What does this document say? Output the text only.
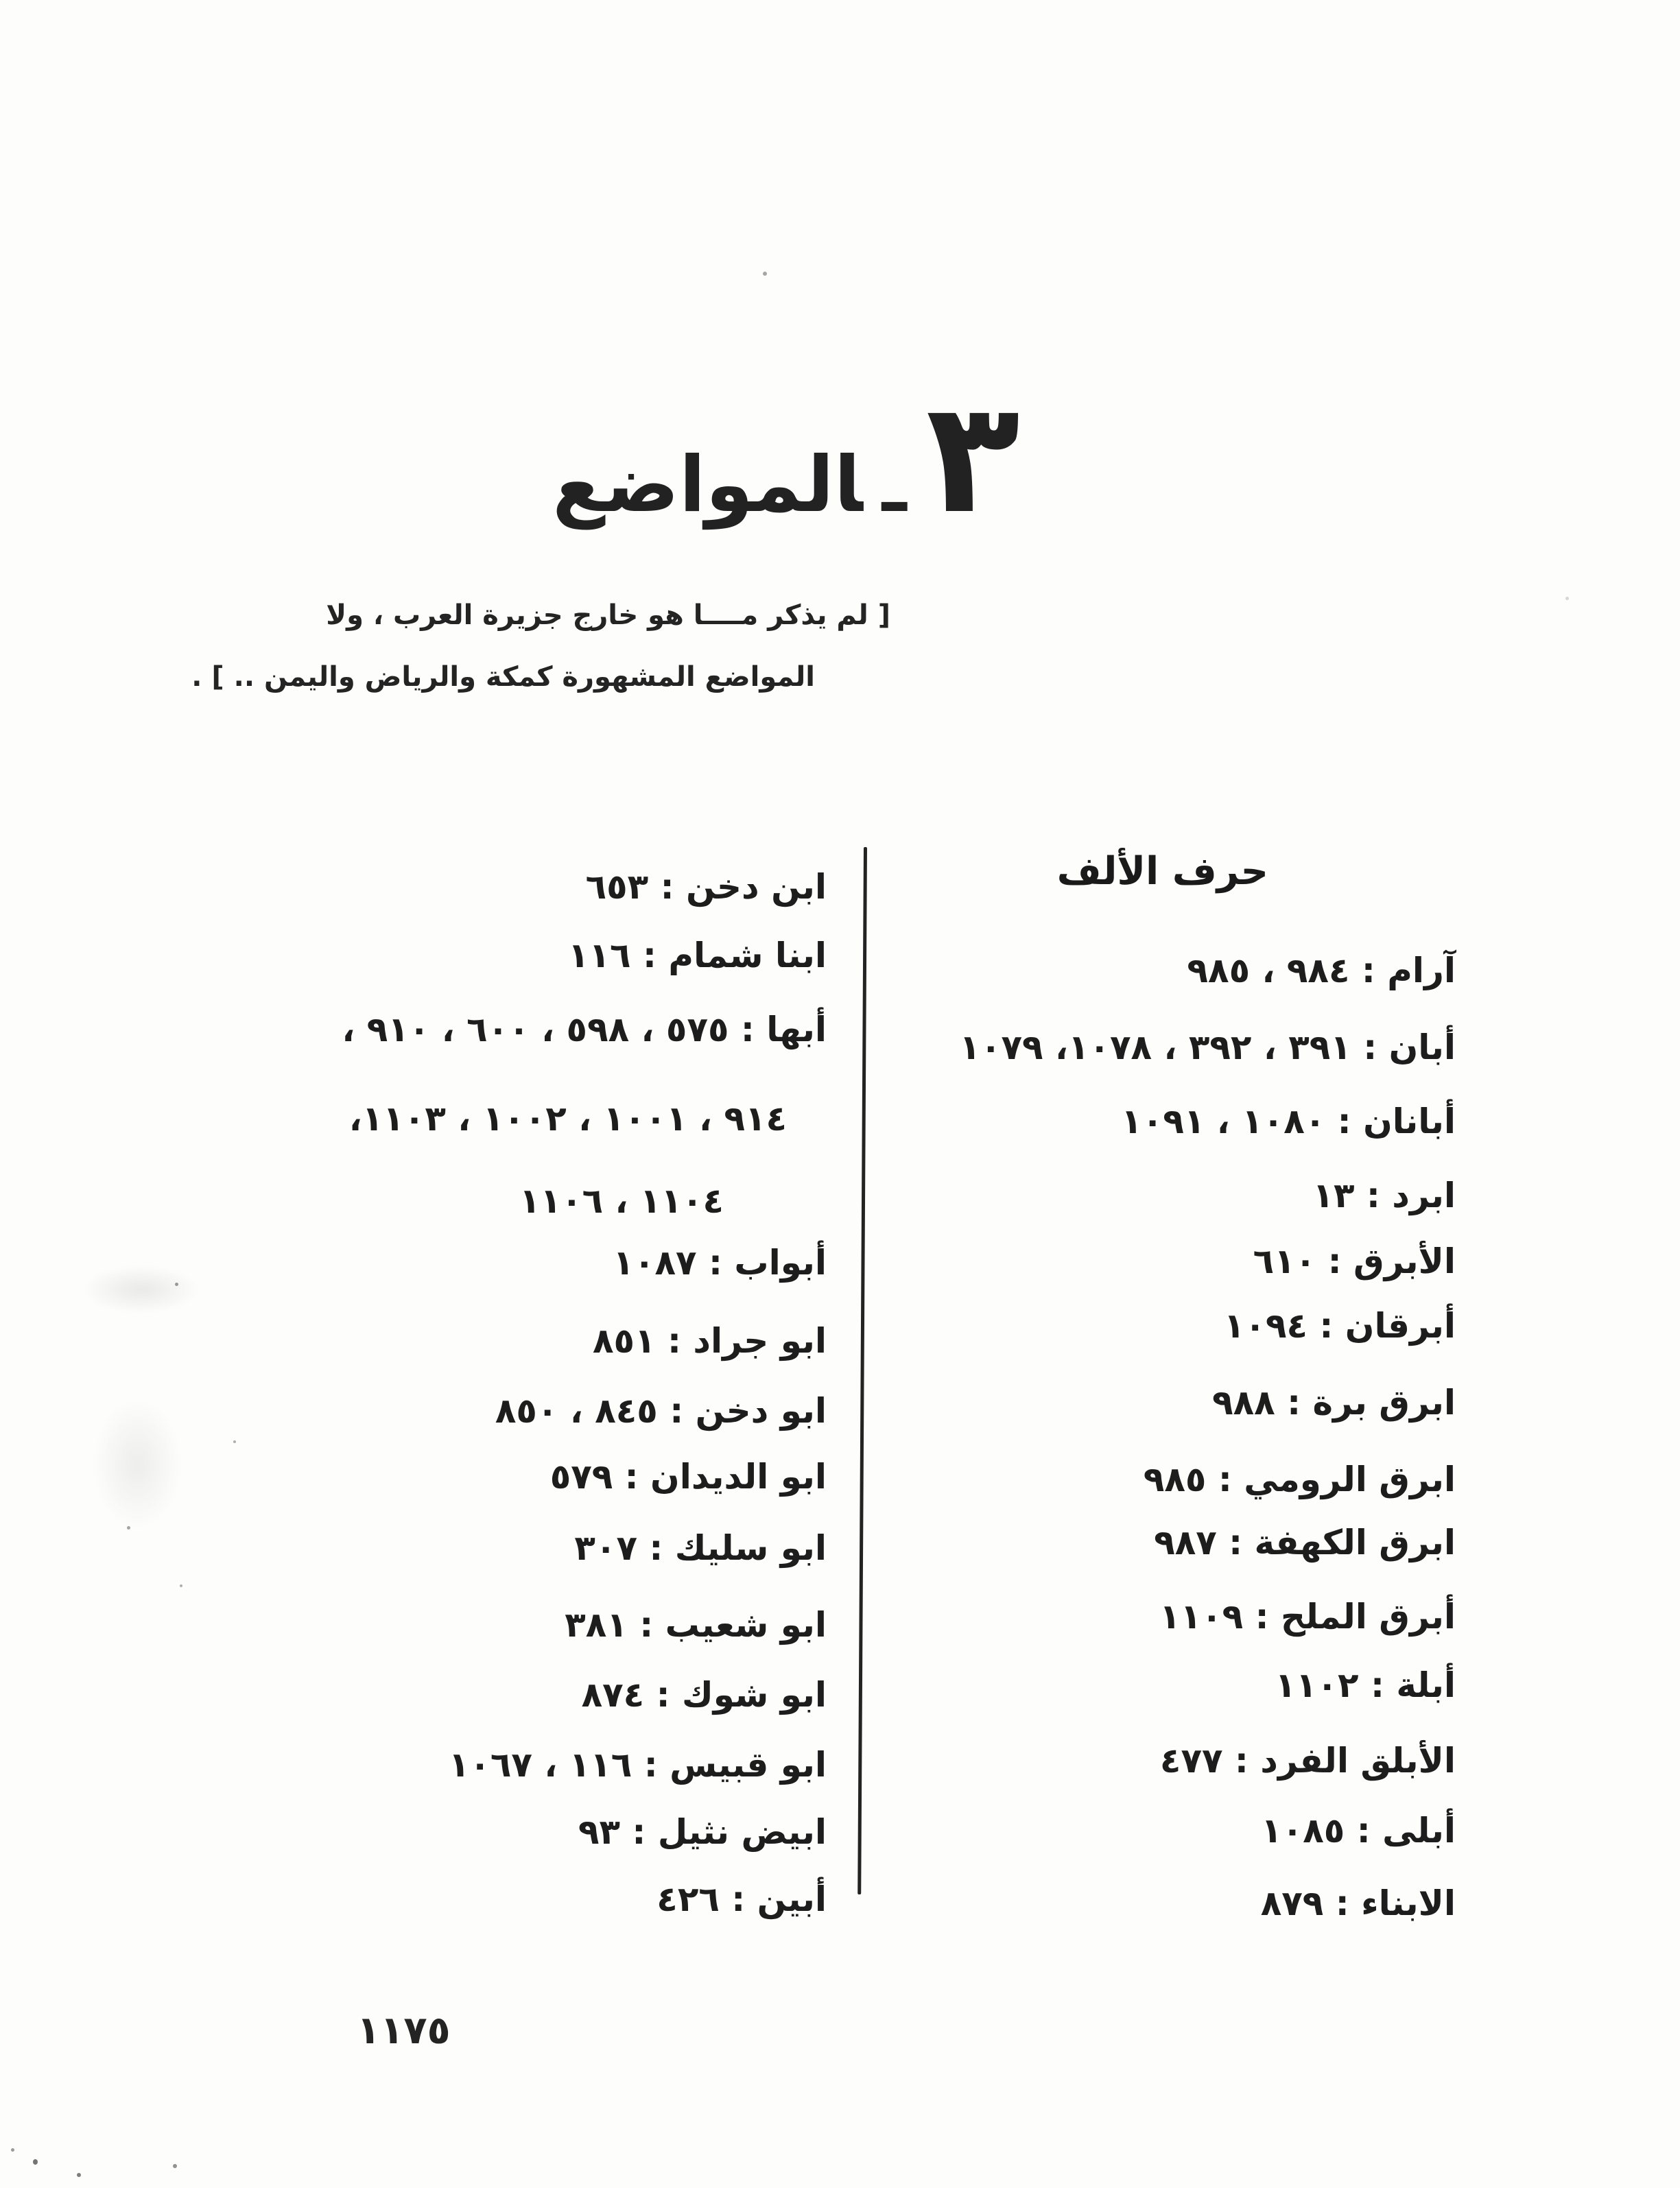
٣ـالمواضع
[ لم يذكر مــــا هو خارج جزيرة العرب ، ولا
المواضع المشهورة كمكة والرياض واليمن .. ] .
حرف الألف
آرام : ٩٨٤ ، ٩٨٥
أبان : ٣٩١ ، ٣٩٢ ، ١٠٧٨، ١٠٧٩
أبانان : ١٠٨٠ ، ١٠٩١
ابرد : ١٣
الأبرق : ٦١٠
أبرقان : ١٠٩٤
ابرق برة : ٩٨٨
ابرق الرومي : ٩٨٥
ابرق الكهفة : ٩٨٧
أبرق الملح : ١١٠٩
أبلة : ١١٠٢
الأبلق الفرد : ٤٧٧
أبلى : ١٠٨٥
الابناء : ٨٧٩
ابن دخن : ٦٥٣
ابنا شمام : ١١٦
أبها : ٥٧٥ ، ٥٩٨ ، ٦٠٠ ، ٩١٠ ،
٩١٤ ، ١٠٠١ ، ١٠٠٢ ، ١١٠٣،
١١٠٤ ، ١١٠٦
أبواب : ١٠٨٧
ابو جراد : ٨٥١
ابو دخن : ٨٤٥ ، ٨٥٠
ابو الديدان : ٥٧٩
ابو سليك : ٣٠٧
ابو شعيب : ٣٨١
ابو شوك : ٨٧٤
ابو قبيس : ١١٦ ، ١٠٦٧
ابيض نثيل : ٩٣
أبين : ٤٢٦
١١٧٥
